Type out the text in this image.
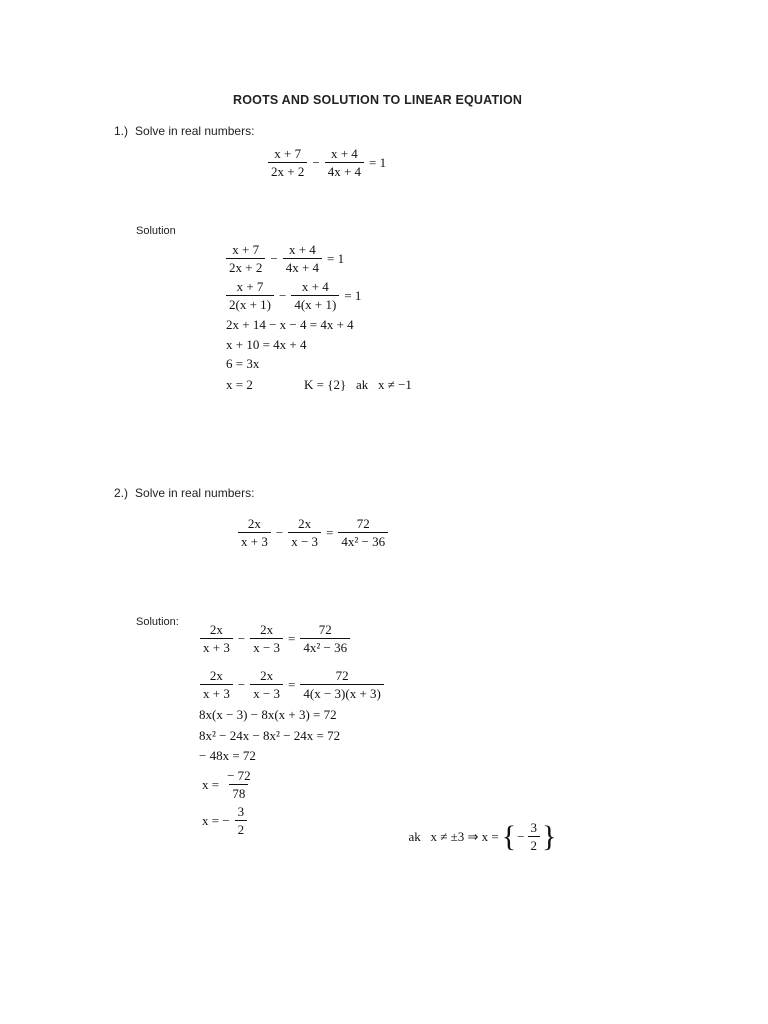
ROOTS AND SOLUTION TO LINEAR EQUATION
1.) Solve in real numbers:
$\frac{x + 7}{2x + 2} - \frac{x + 4}{4x + 4} = 1$
Solution
$\frac{x + 7}{2x + 2} - \frac{x + 4}{4x + 4} = 1$
$\frac{x + 7}{2(x + 1)} - \frac{x + 4}{4(x + 1)} = 1$
2x + 14 − x − 4 = 4x + 4
x + 10 = 4x + 4
6 = 3x
x = 2	K = {2}   ak   x ≠ −1
2.) Solve in real numbers:
$\frac{2x}{x + 3} - \frac{2x}{x - 3} = \frac{72}{\text{4x² − 36}}$
Solution: $\frac{2x}{x + 3} - \frac{2x}{x - 3} = \frac{72}{\text{4x² − 36}}$
$\frac{2x}{x + 3} - \frac{2x}{x - 3} = \frac{72}{4(x - 3)(x + 3)}$
8x(x − 3) − 8x(x + 3) = 72
8x² − 24x − 8x² − 24x = 72
− 48x = 72
$x = \frac{- 72}{78}$
x = − $\frac{3}{2}$	ak   x ≠ ±3 ⇒ x = {− $\frac{3}{2}$ }
